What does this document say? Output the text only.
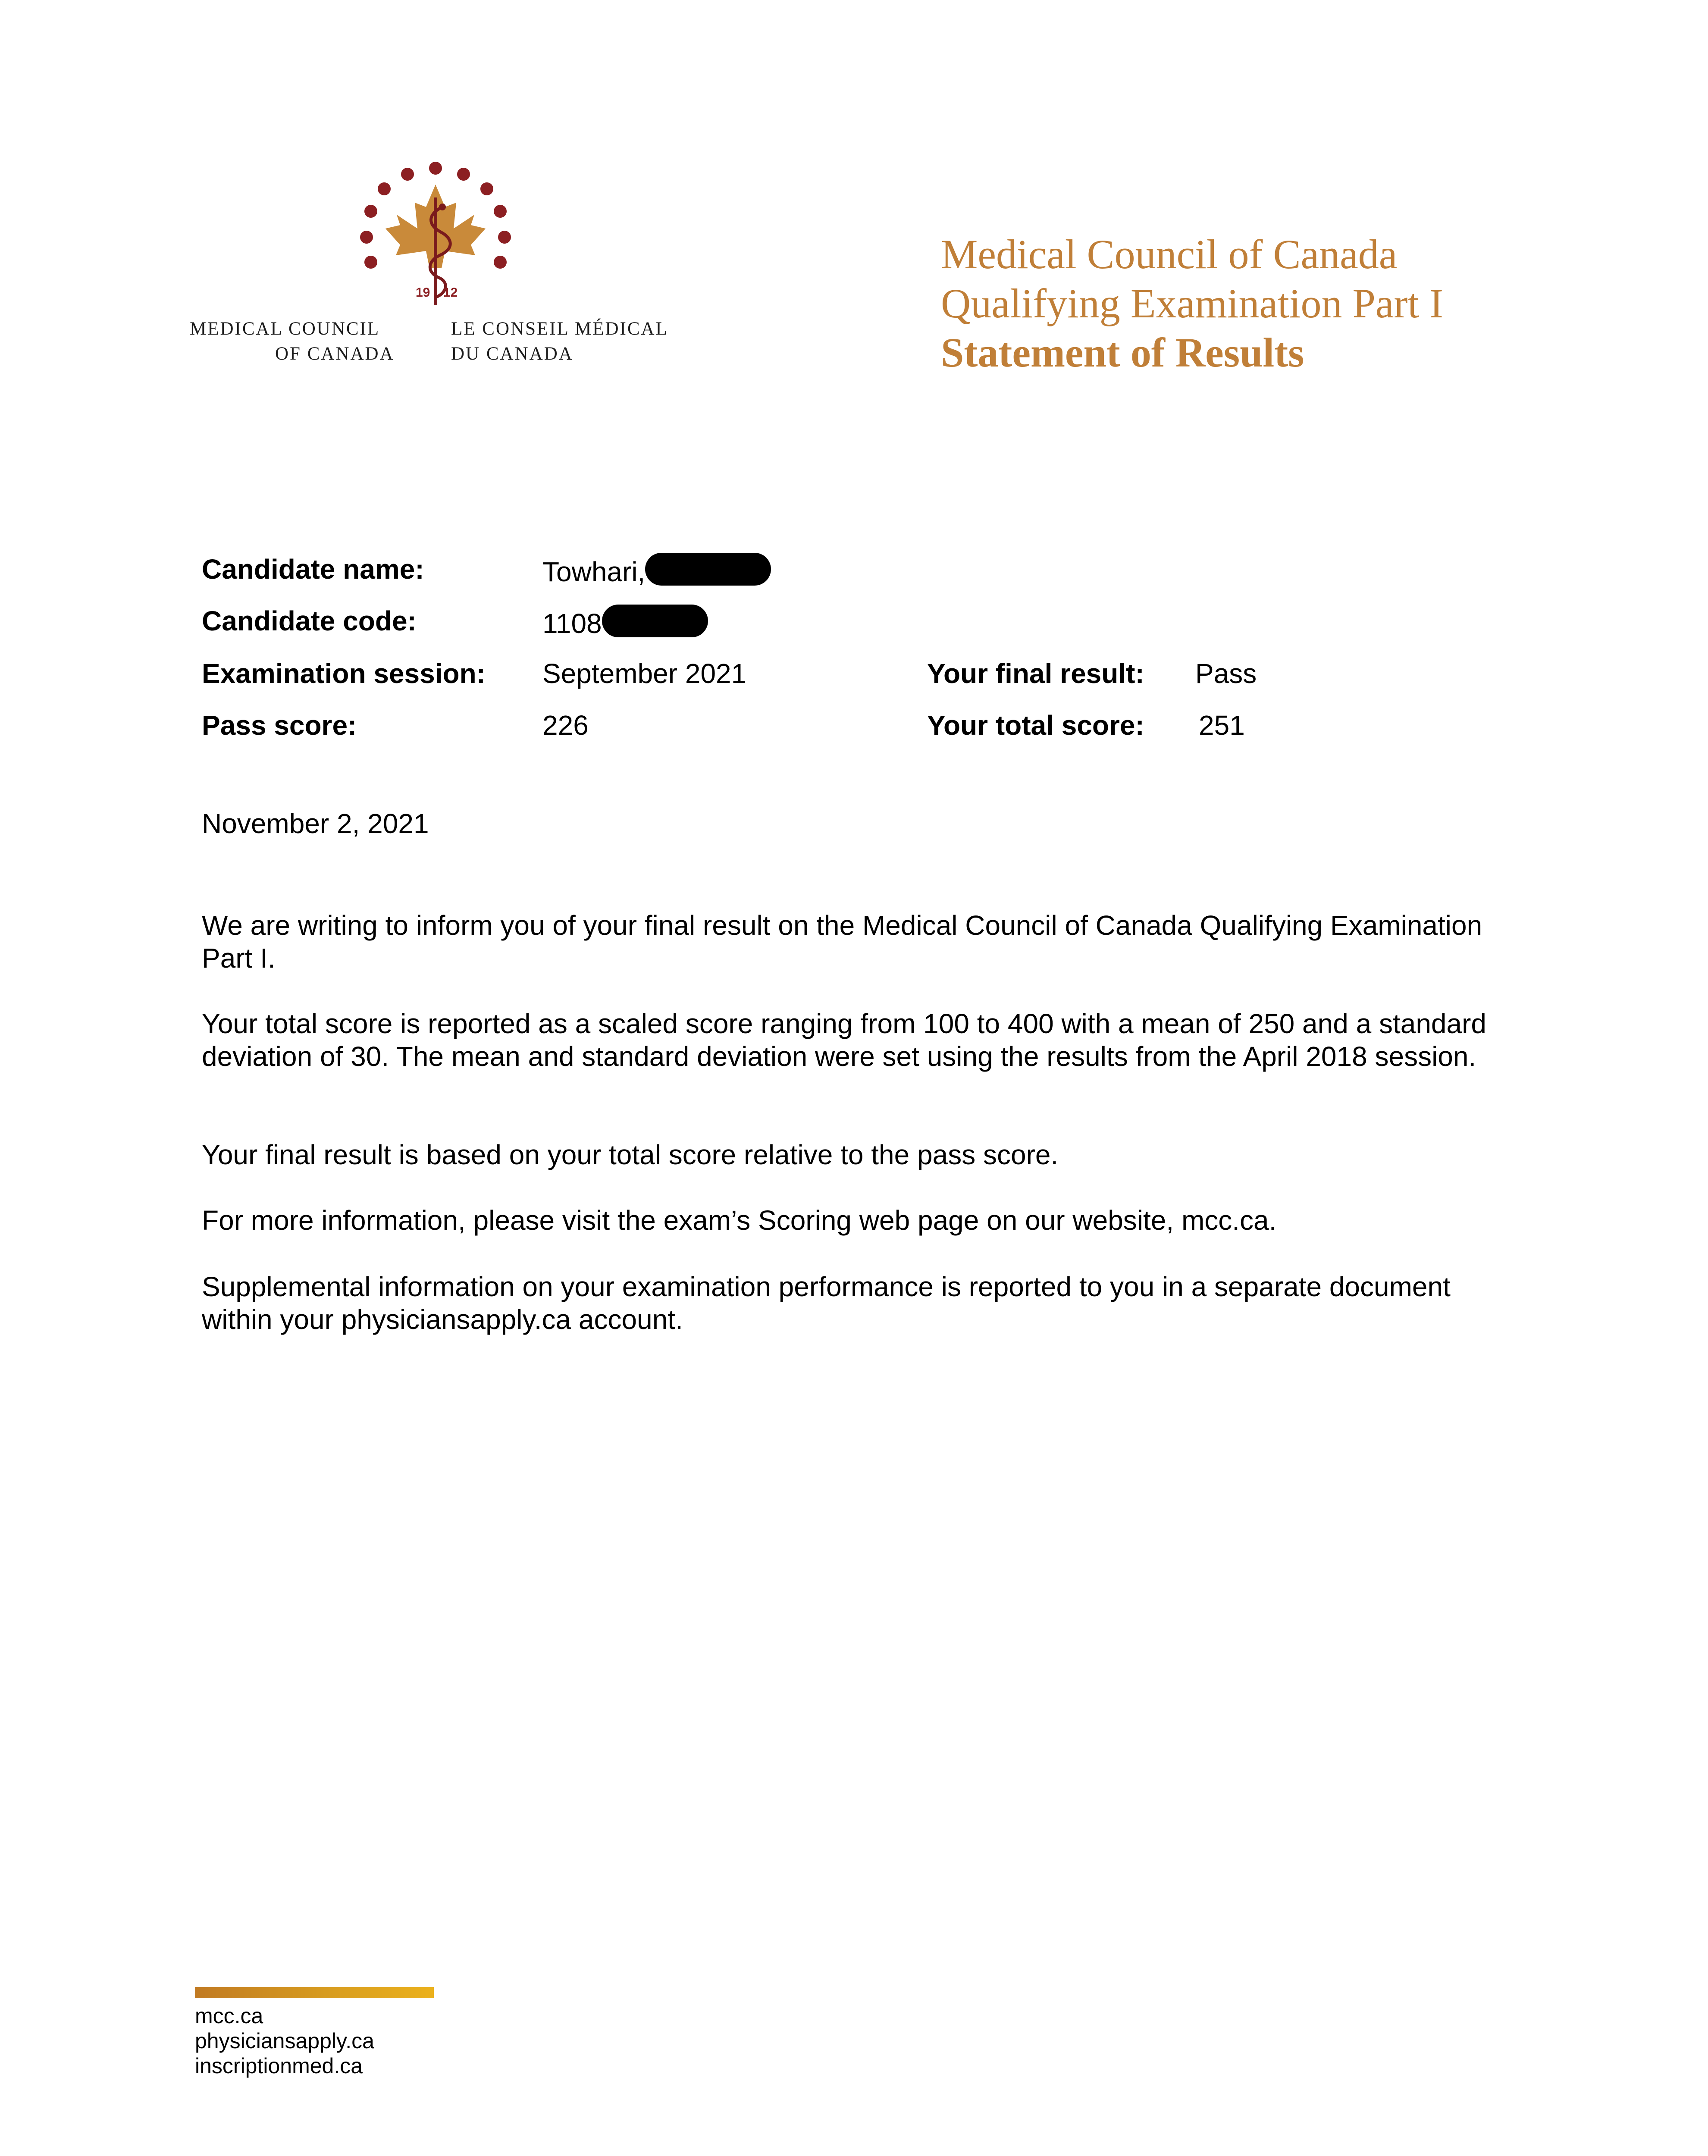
19 12
MEDICAL COUNCIL
OF CANADA
LE CONSEIL MÉDICAL
DU CANADA
Medical Council of Canada
Qualifying Examination Part I
Statement of Results
Candidate name:	Towhari,
Candidate code:	1108
Examination session: September 2021	Your final result: Pass
Pass score:	226	Your total score: 251
November 2, 2021
We are writing to inform you of your final result on the Medical Council of Canada Qualifying Examination Part I.
Your total score is reported as a scaled score ranging from 100 to 400 with a mean of 250 and a standard deviation of 30. The mean and standard deviation were set using the results from the April 2018 session.
Your final result is based on your total score relative to the pass score.
For more information, please visit the exam’s Scoring web page on our website, mcc.ca.
Supplemental information on your examination performance is reported to you in a separate document within your physiciansapply.ca account.
mcc.ca
physiciansapply.ca
inscriptionmed.ca
